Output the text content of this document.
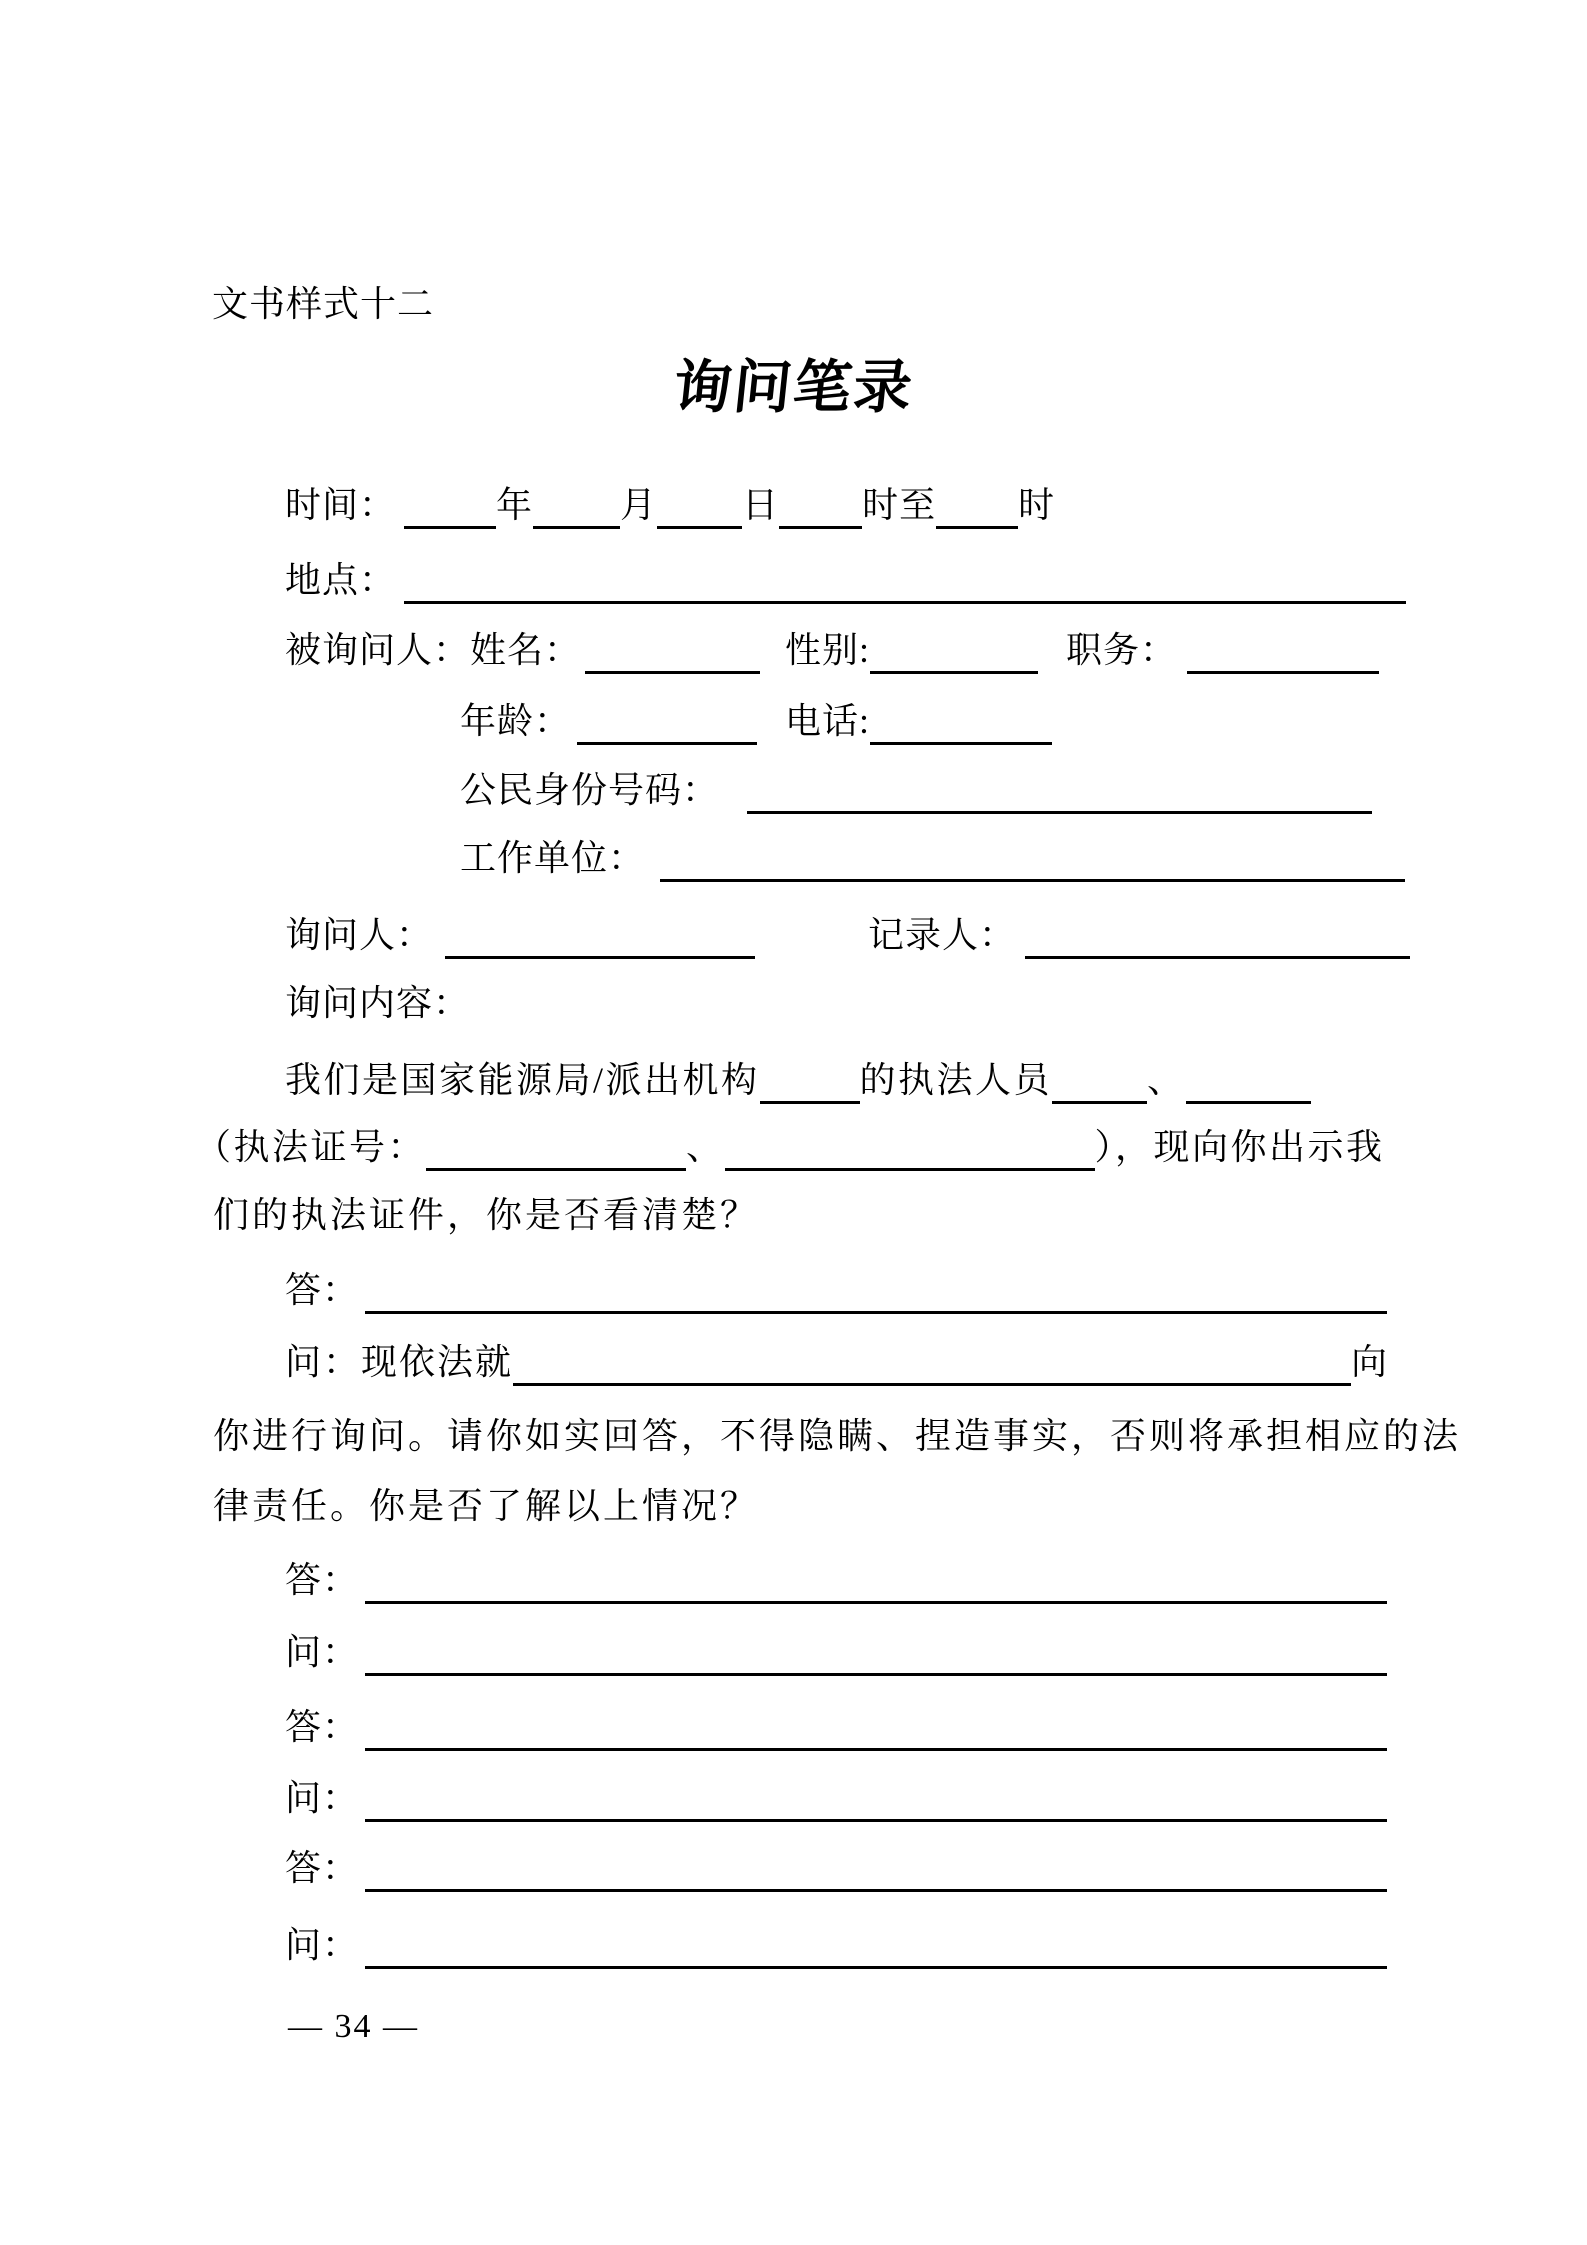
文书样式十二
询问笔录
时间：	年 月 日 时至 时
地点：
被询问人：姓名：	性别:	职务：
年龄：	电话:
公民身份号码：
工作单位：
询问人：	记录人：
询问内容：
我们是国家能源局/派出机构	的执法人员	、
（执法证号：	、	），现向你出示我
们的执法证件，你是否看清楚？
答：
问：现依法就	向
你进行询问。请你如实回答，不得隐瞒、捏造事实，否则将承担相应的法
律责任。你是否了解以上情况？
答：
问：
答：
问：
答：
问：
— 34 —
